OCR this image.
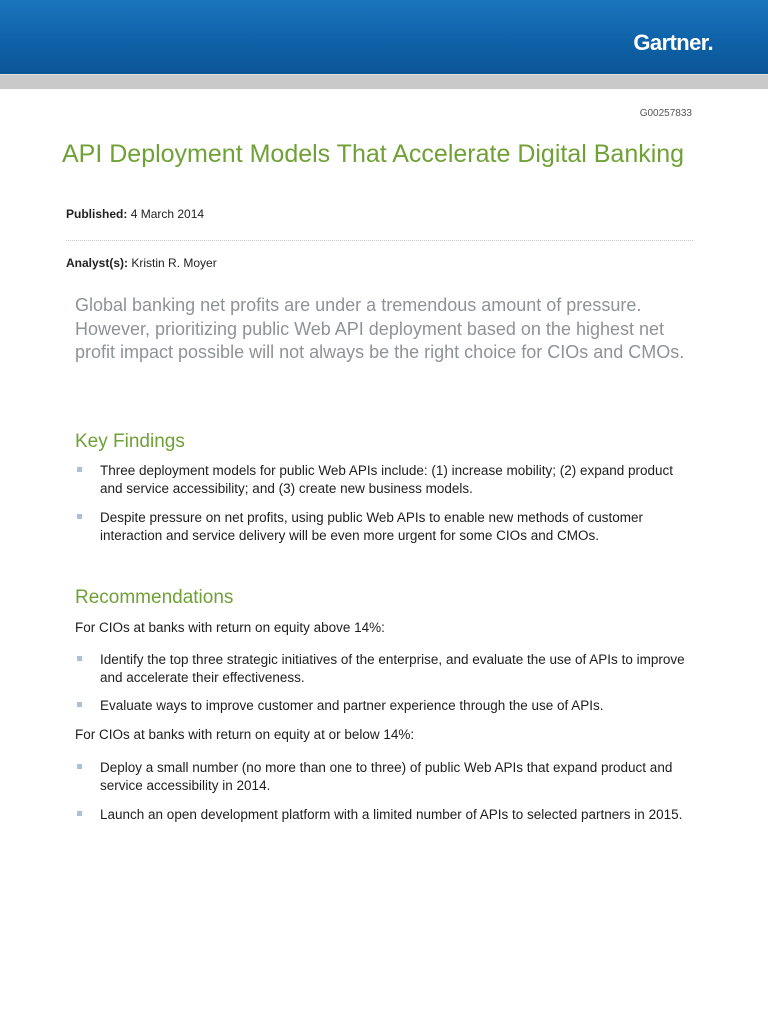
Gartner.
G00257833
API Deployment Models That Accelerate Digital Banking
Published: 4 March 2014
Analyst(s): Kristin R. Moyer

Global banking net profits are under a tremendous amount of pressure. However, prioritizing public Web API deployment based on the highest net profit impact possible will not always be the right choice for CIOs and CMOs.

Key Findings
Three deployment models for public Web APIs include: (1) increase mobility; (2) expand product and service accessibility; and (3) create new business models.
Despite pressure on net profits, using public Web APIs to enable new methods of customer interaction and service delivery will be even more urgent for some CIOs and CMOs.
Recommendations

For CIOs at banks with return on equity above 14%:

Identify the top three strategic initiatives of the enterprise, and evaluate the use of APIs to improve and accelerate their effectiveness.
Evaluate ways to improve customer and partner experience through the use of APIs.

For CIOs at banks with return on equity at or below 14%:

Deploy a small number (no more than one to three) of public Web APIs that expand product and service accessibility in 2014.
Launch an open development platform with a limited number of APIs to selected partners in 2015.
